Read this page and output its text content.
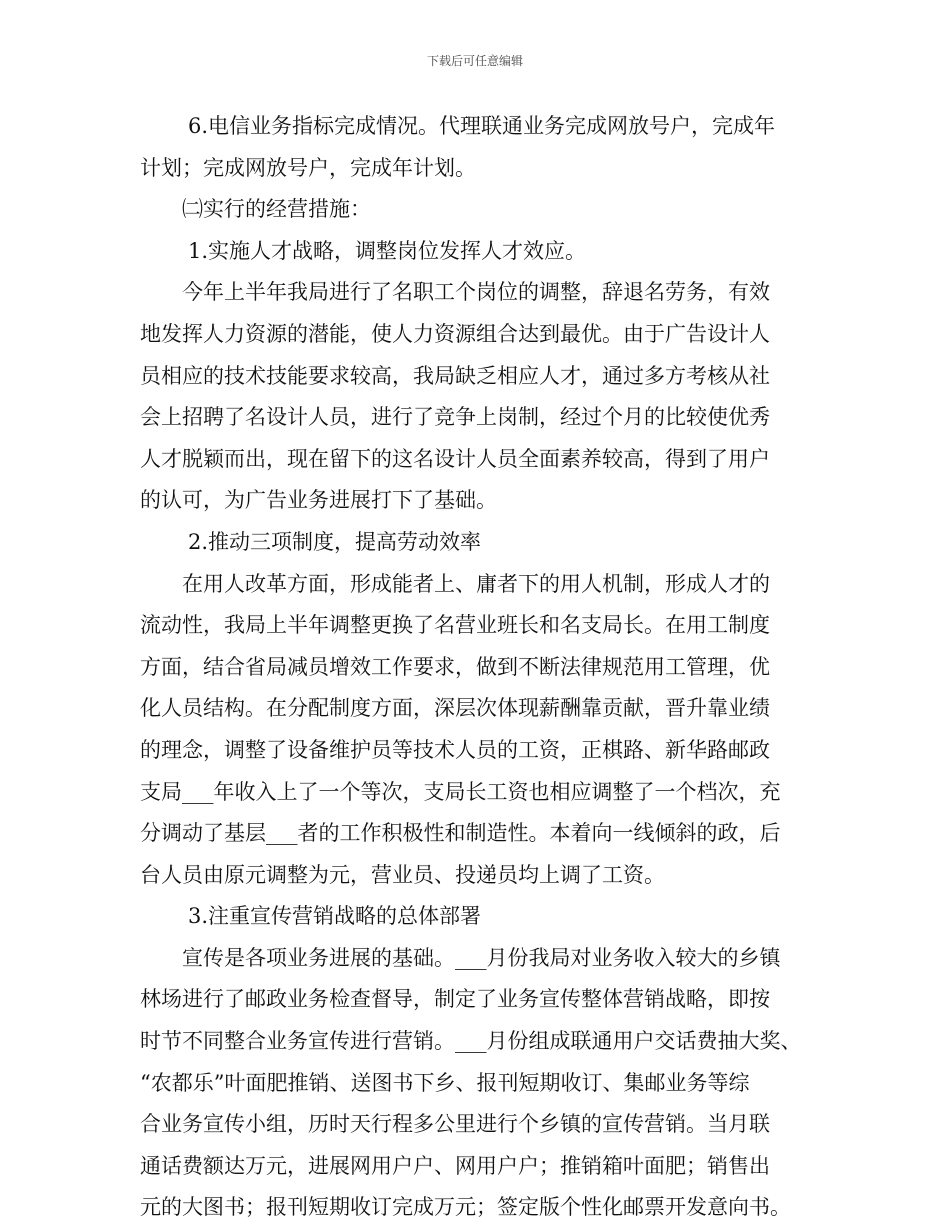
下载后可任意编辑

6.电信业务指标完成情况。代理联通业务完成网放号户，完成年

计划；完成网放号户，完成年计划。

㈡实行的经营措施：

1.实施人才战略，调整岗位发挥人才效应。

今年上半年我局进行了名职工个岗位的调整，辞退名劳务，有效

地发挥人力资源的潜能，使人力资源组合达到最优。由于广告设计人

员相应的技术技能要求较高，我局缺乏相应人才，通过多方考核从社

会上招聘了名设计人员，进行了竞争上岗制，经过个月的比较使优秀

人才脱颖而出，现在留下的这名设计人员全面素养较高，得到了用户

的认可，为广告业务进展打下了基础。

2.推动三项制度，提高劳动效率

在用人改革方面，形成能者上、庸者下的用人机制，形成人才的

流动性，我局上半年调整更换了名营业班长和名支局长。在用工制度

方面，结合省局减员增效工作要求，做到不断法律规范用工管理，优

化人员结构。在分配制度方面，深层次体现薪酬靠贡献，晋升靠业绩

的理念，调整了设备维护员等技术人员的工资，正棋路、新华路邮政

支局___年收入上了一个等次，支局长工资也相应调整了一个档次，充

分调动了基层___者的工作积极性和制造性。本着向一线倾斜的政，后

台人员由原元调整为元，营业员、投递员均上调了工资。

3.注重宣传营销战略的总体部署

宣传是各项业务进展的基础。___月份我局对业务收入较大的乡镇

林场进行了邮政业务检查督导，制定了业务宣传整体营销战略，即按

时节不同整合业务宣传进行营销。___月份组成联通用户交话费抽大奖、

“农都乐”叶面肥推销、送图书下乡、报刊短期收订、集邮业务等综

合业务宣传小组，历时天行程多公里进行个乡镇的宣传营销。当月联

通话费额达万元，进展网用户户、网用户户；推销箱叶面肥；销售出

元的大图书；报刊短期收订完成万元；签定版个性化邮票开发意向书。
